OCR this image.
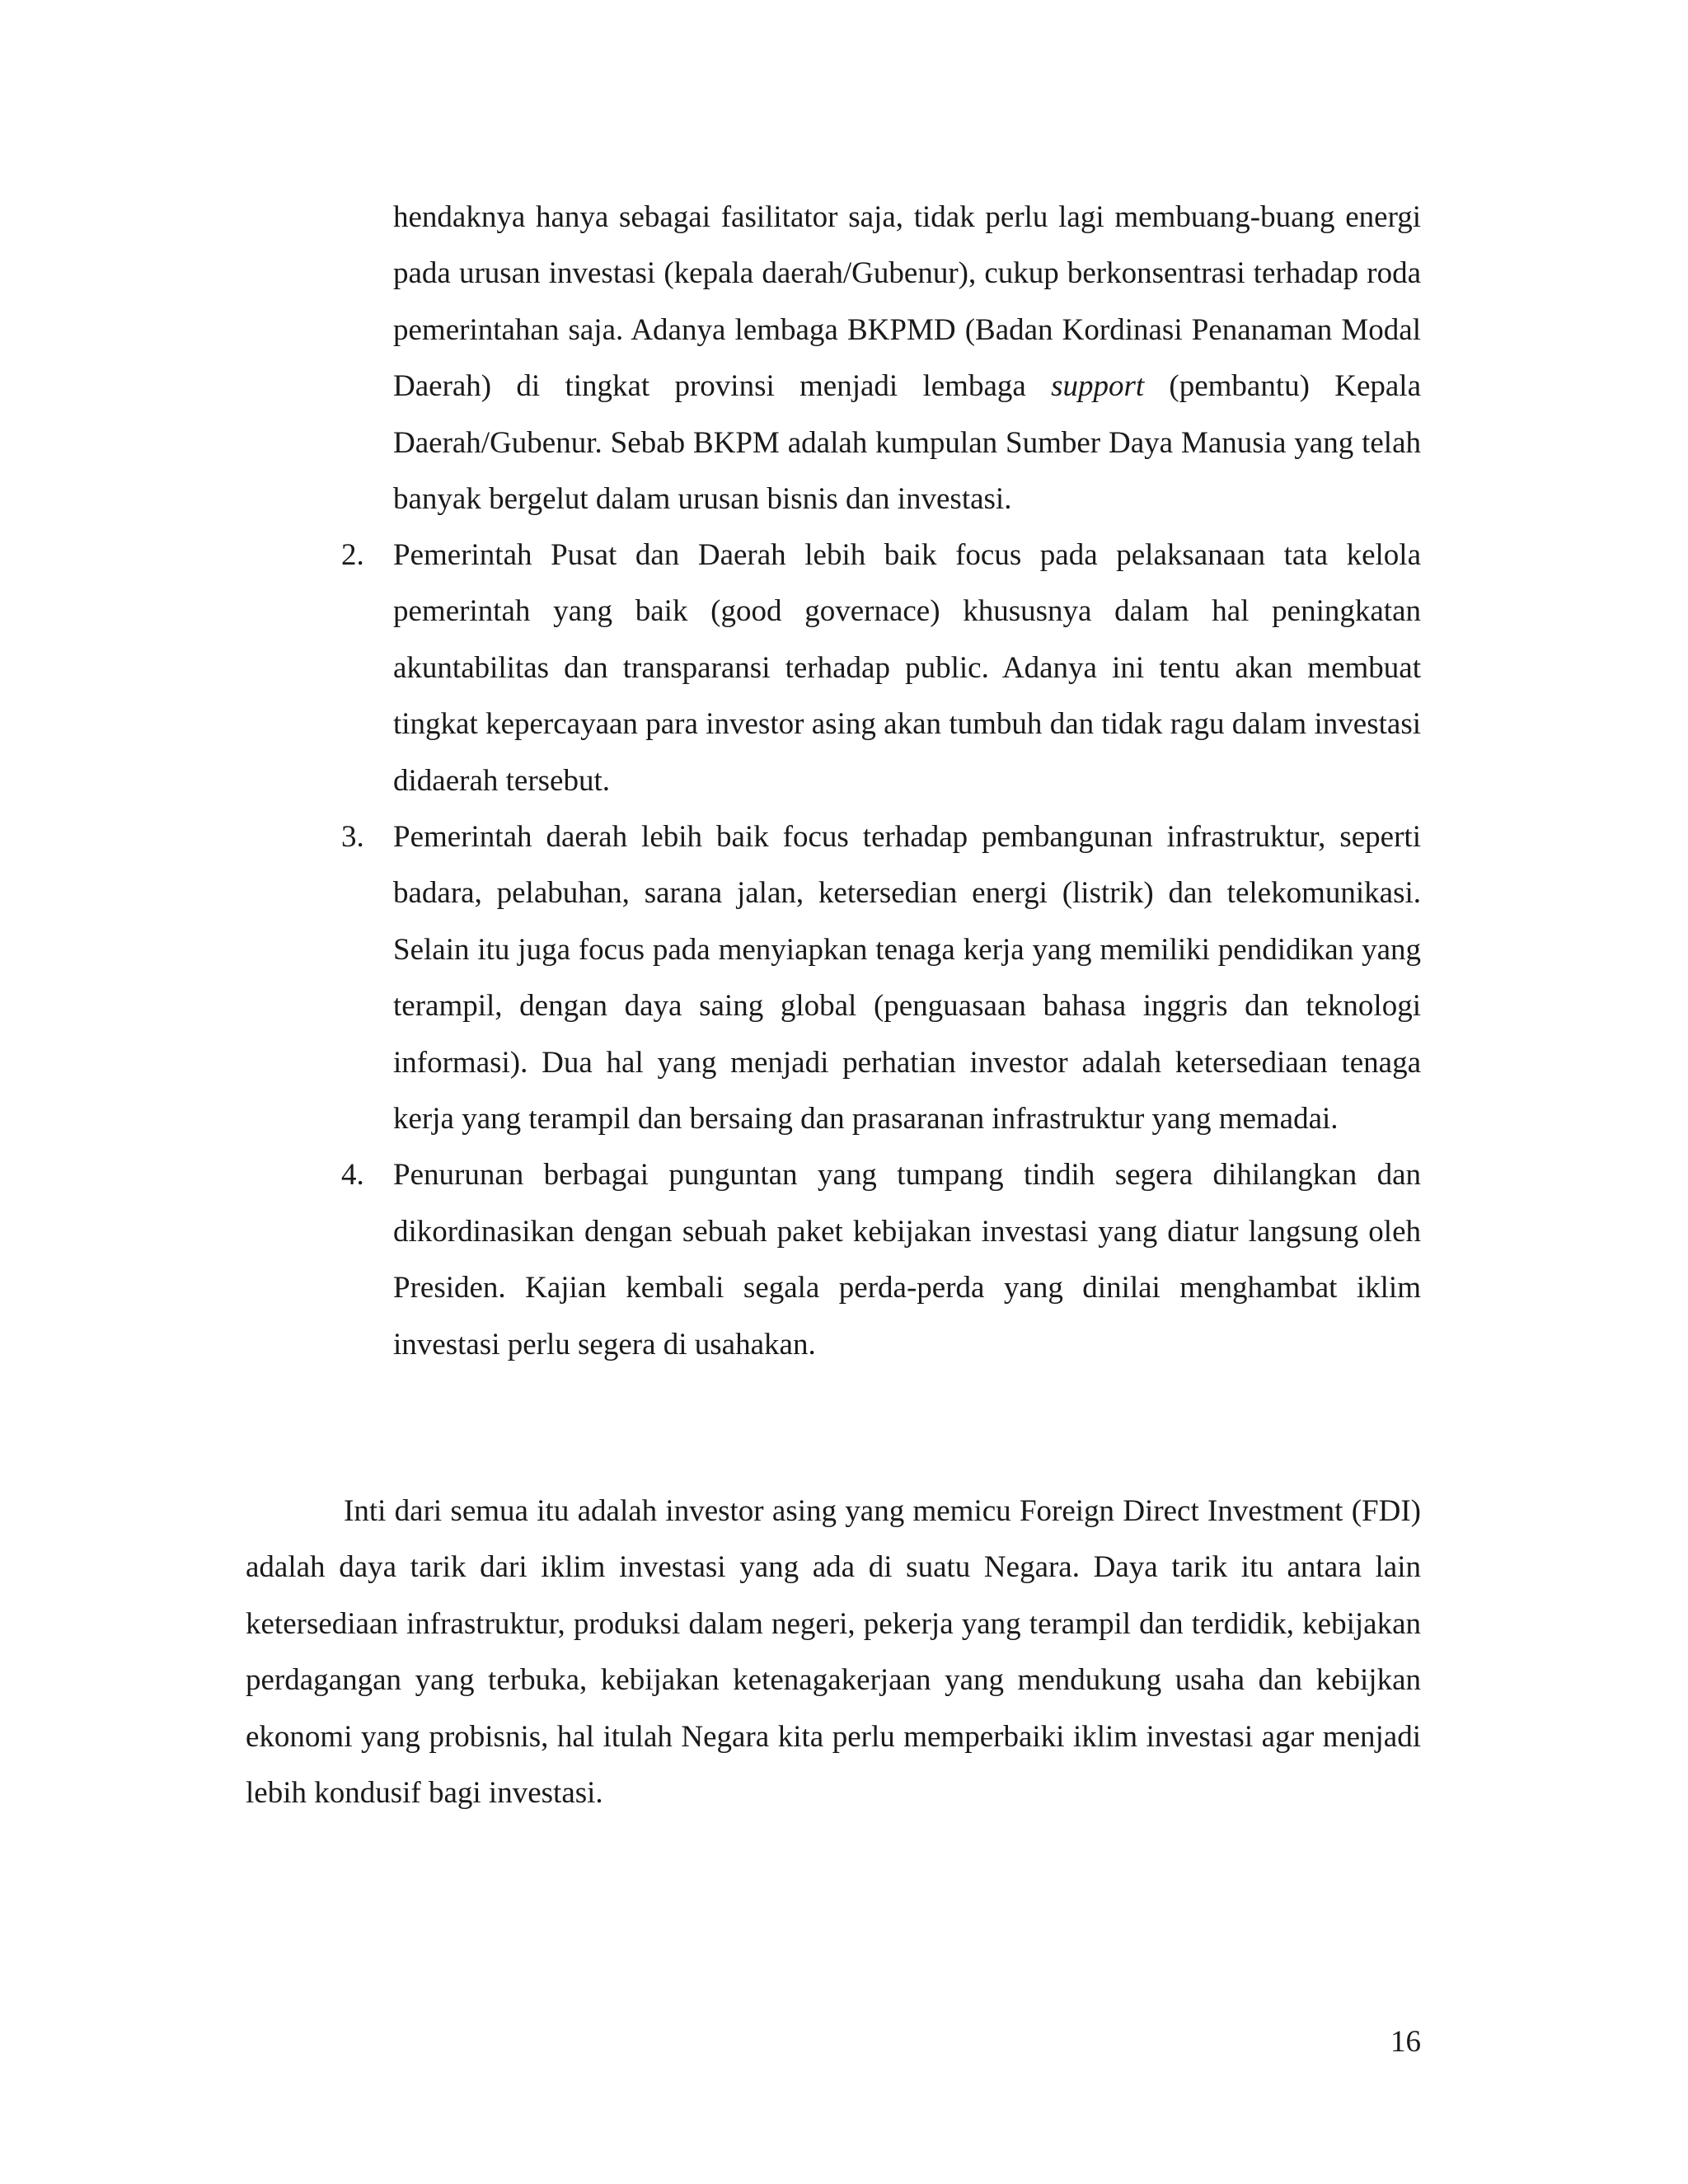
hendaknya hanya sebagai fasilitator saja, tidak perlu lagi membuang-buang energi pada urusan investasi (kepala daerah/Gubenur), cukup berkonsentrasi terhadap roda pemerintahan saja. Adanya lembaga BKPMD (Badan Kordinasi Penanaman Modal Daerah) di tingkat provinsi menjadi lembaga support (pembantu) Kepala Daerah/Gubenur. Sebab BKPM adalah kumpulan Sumber Daya Manusia yang telah banyak bergelut dalam urusan bisnis dan investasi.

2. Pemerintah Pusat dan Daerah lebih baik focus pada pelaksanaan tata kelola pemerintah yang baik (good governace) khususnya dalam hal peningkatan akuntabilitas dan transparansi terhadap public. Adanya ini tentu akan membuat tingkat kepercayaan para investor asing akan tumbuh dan tidak ragu dalam investasi didaerah tersebut.
3. Pemerintah daerah lebih baik focus terhadap pembangunan infrastruktur, seperti badara, pelabuhan, sarana jalan, ketersedian energi (listrik) dan telekomunikasi. Selain itu juga focus pada menyiapkan tenaga kerja yang memiliki pendidikan yang terampil, dengan daya saing global (penguasaan bahasa inggris dan teknologi informasi). Dua hal yang menjadi perhatian investor adalah ketersediaan tenaga kerja yang terampil dan bersaing dan prasaranan infrastruktur yang memadai.
4. Penurunan berbagai punguntan yang tumpang tindih segera dihilangkan dan dikordinasikan dengan sebuah paket kebijakan investasi yang diatur langsung oleh Presiden. Kajian kembali segala perda-perda yang dinilai menghambat iklim investasi perlu segera di usahakan.

Inti dari semua itu adalah investor asing yang memicu Foreign Direct Investment (FDI) adalah daya tarik dari iklim investasi yang ada di suatu Negara. Daya tarik itu antara lain ketersediaan infrastruktur, produksi dalam negeri, pekerja yang terampil dan terdidik, kebijakan perdagangan yang terbuka, kebijakan ketenagakerjaan yang mendukung usaha dan kebijkan ekonomi yang probisnis, hal itulah Negara kita perlu memperbaiki iklim investasi agar menjadi lebih kondusif bagi investasi.

16
